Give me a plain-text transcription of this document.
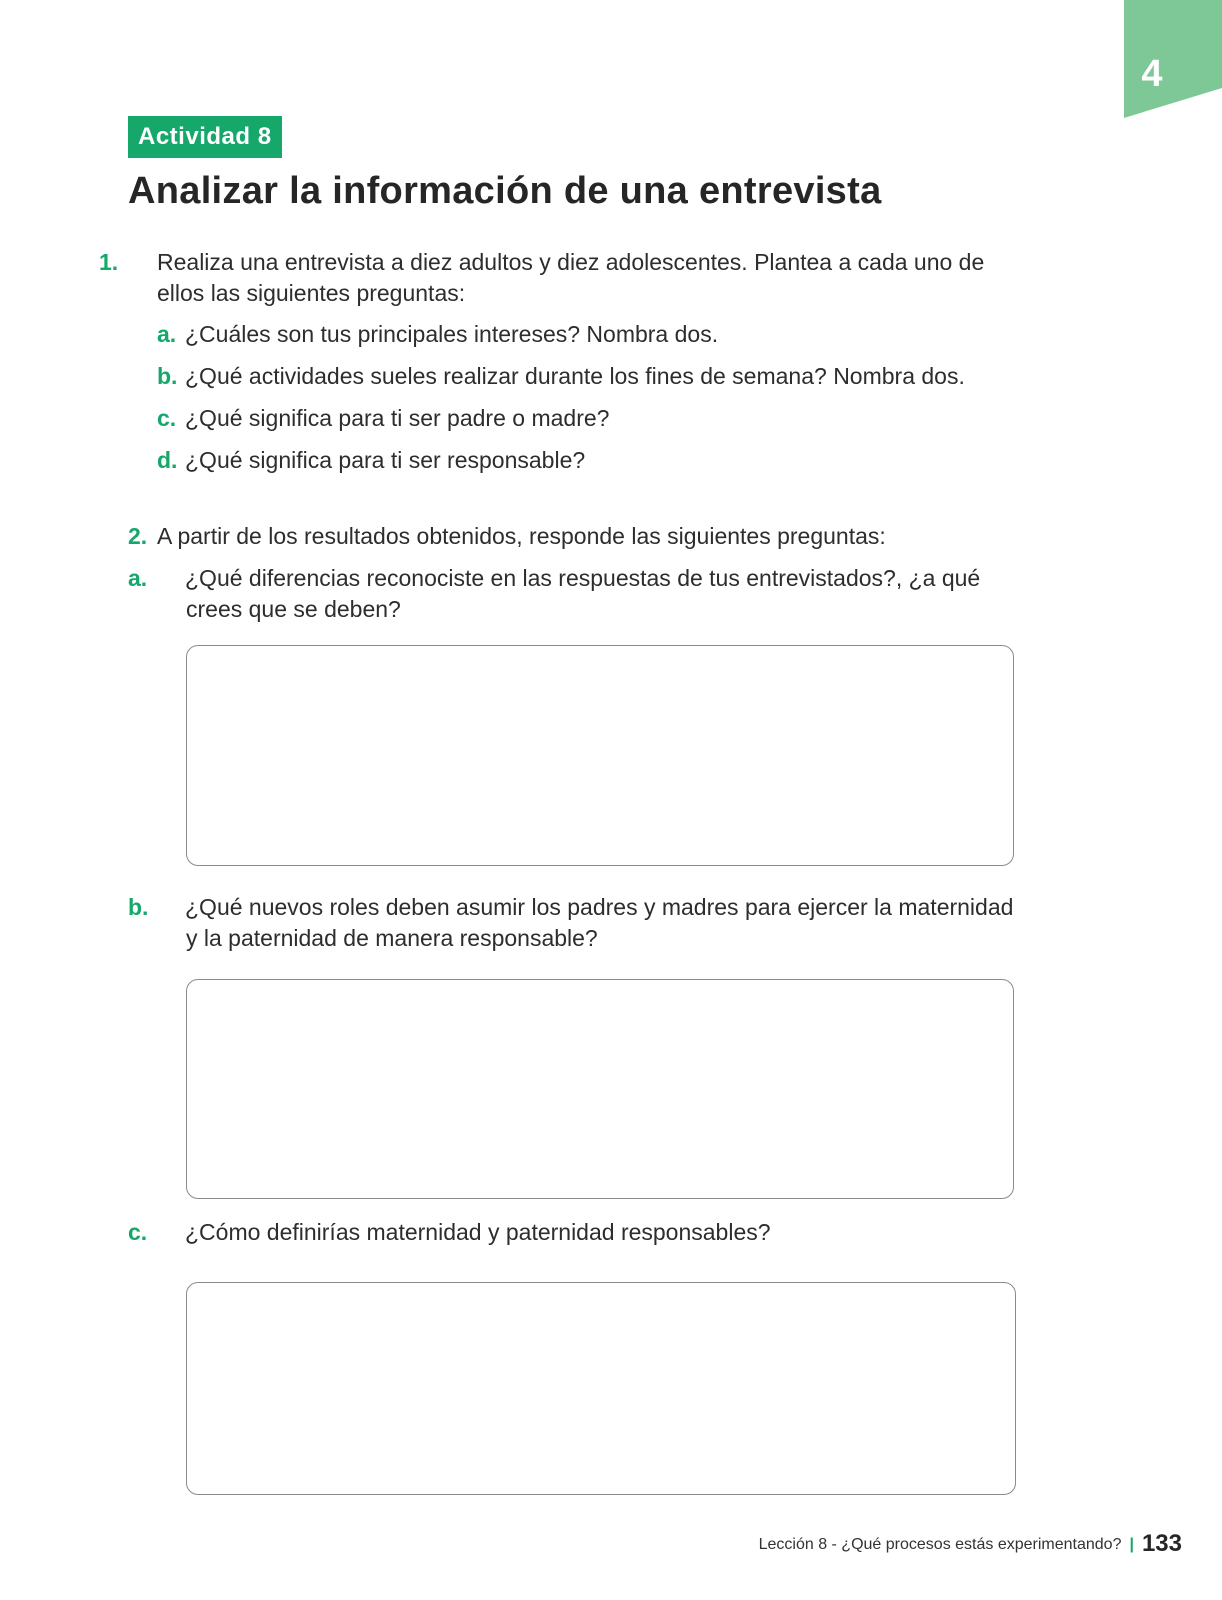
4
Actividad 8
Analizar la información de una entrevista
1. Realiza una entrevista a diez adultos y diez adolescentes. Plantea a cada uno de ellos las siguientes preguntas:
a. ¿Cuáles son tus principales intereses? Nombra dos.
b. ¿Qué actividades sueles realizar durante los fines de semana? Nombra dos.
c. ¿Qué significa para ti ser padre o madre?
d. ¿Qué significa para ti ser responsable?
2. A partir de los resultados obtenidos, responde las siguientes preguntas:
a. ¿Qué diferencias reconociste en las respuestas de tus entrevistados?, ¿a qué crees que se deben?
b. ¿Qué nuevos roles deben asumir los padres y madres para ejercer la maternidad y la paternidad de manera responsable?
c. ¿Cómo definirías maternidad y paternidad responsables?
Lección 8 - ¿Qué procesos estás experimentando? | 133
